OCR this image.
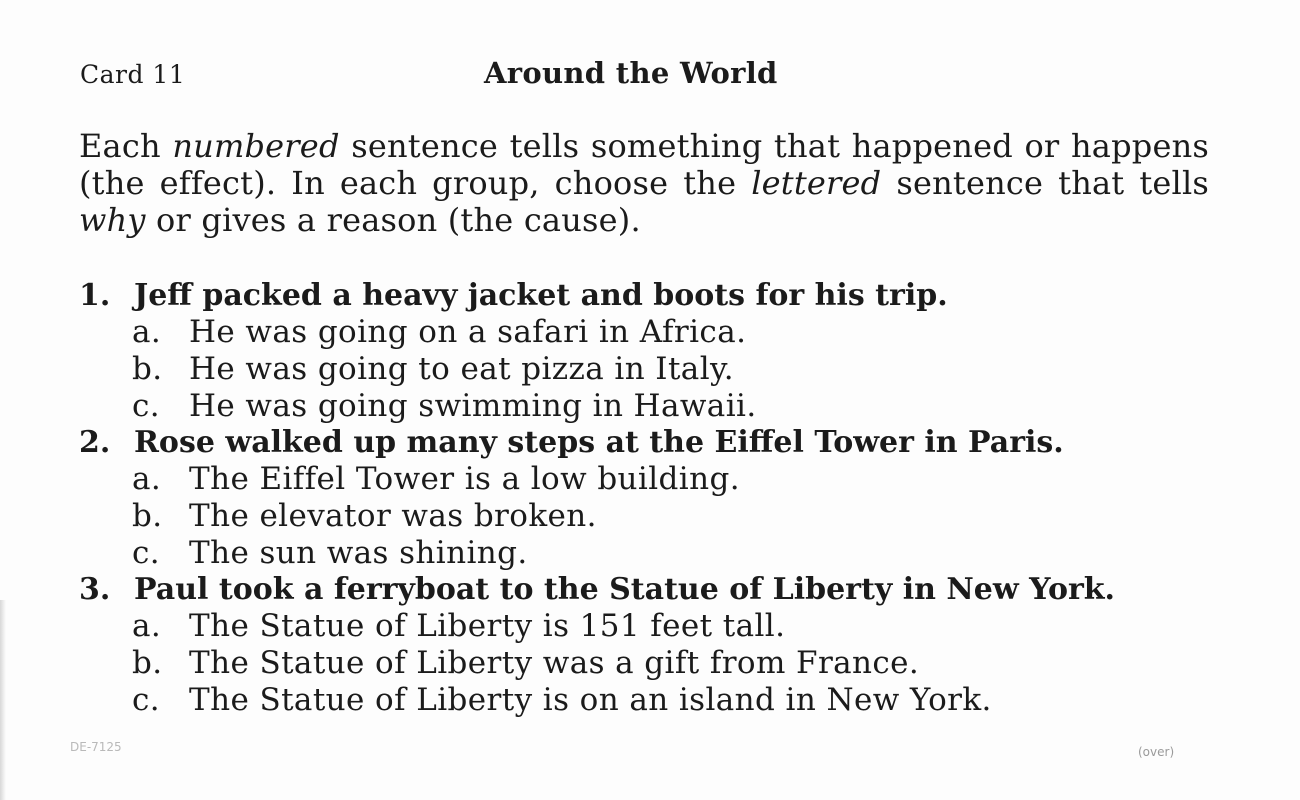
Card 11	Around the World

Each numbered sentence tells something that happened or happens (the effect). In each group, choose the lettered sentence that tells why or gives a reason (the cause).

1. Jeff packed a heavy jacket and boots for his trip.
a. He was going on a safari in Africa.
b. He was going to eat pizza in Italy.
c. He was going swimming in Hawaii.
2. Rose walked up many steps at the Eiffel Tower in Paris.
a. The Eiffel Tower is a low building.
b. The elevator was broken.
c. The sun was shining.
3. Paul took a ferryboat to the Statue of Liberty in New York.
a. The Statue of Liberty is 151 feet tall.
b. The Statue of Liberty was a gift from France.
c. The Statue of Liberty is on an island in New York.
DE-7125	(over)
